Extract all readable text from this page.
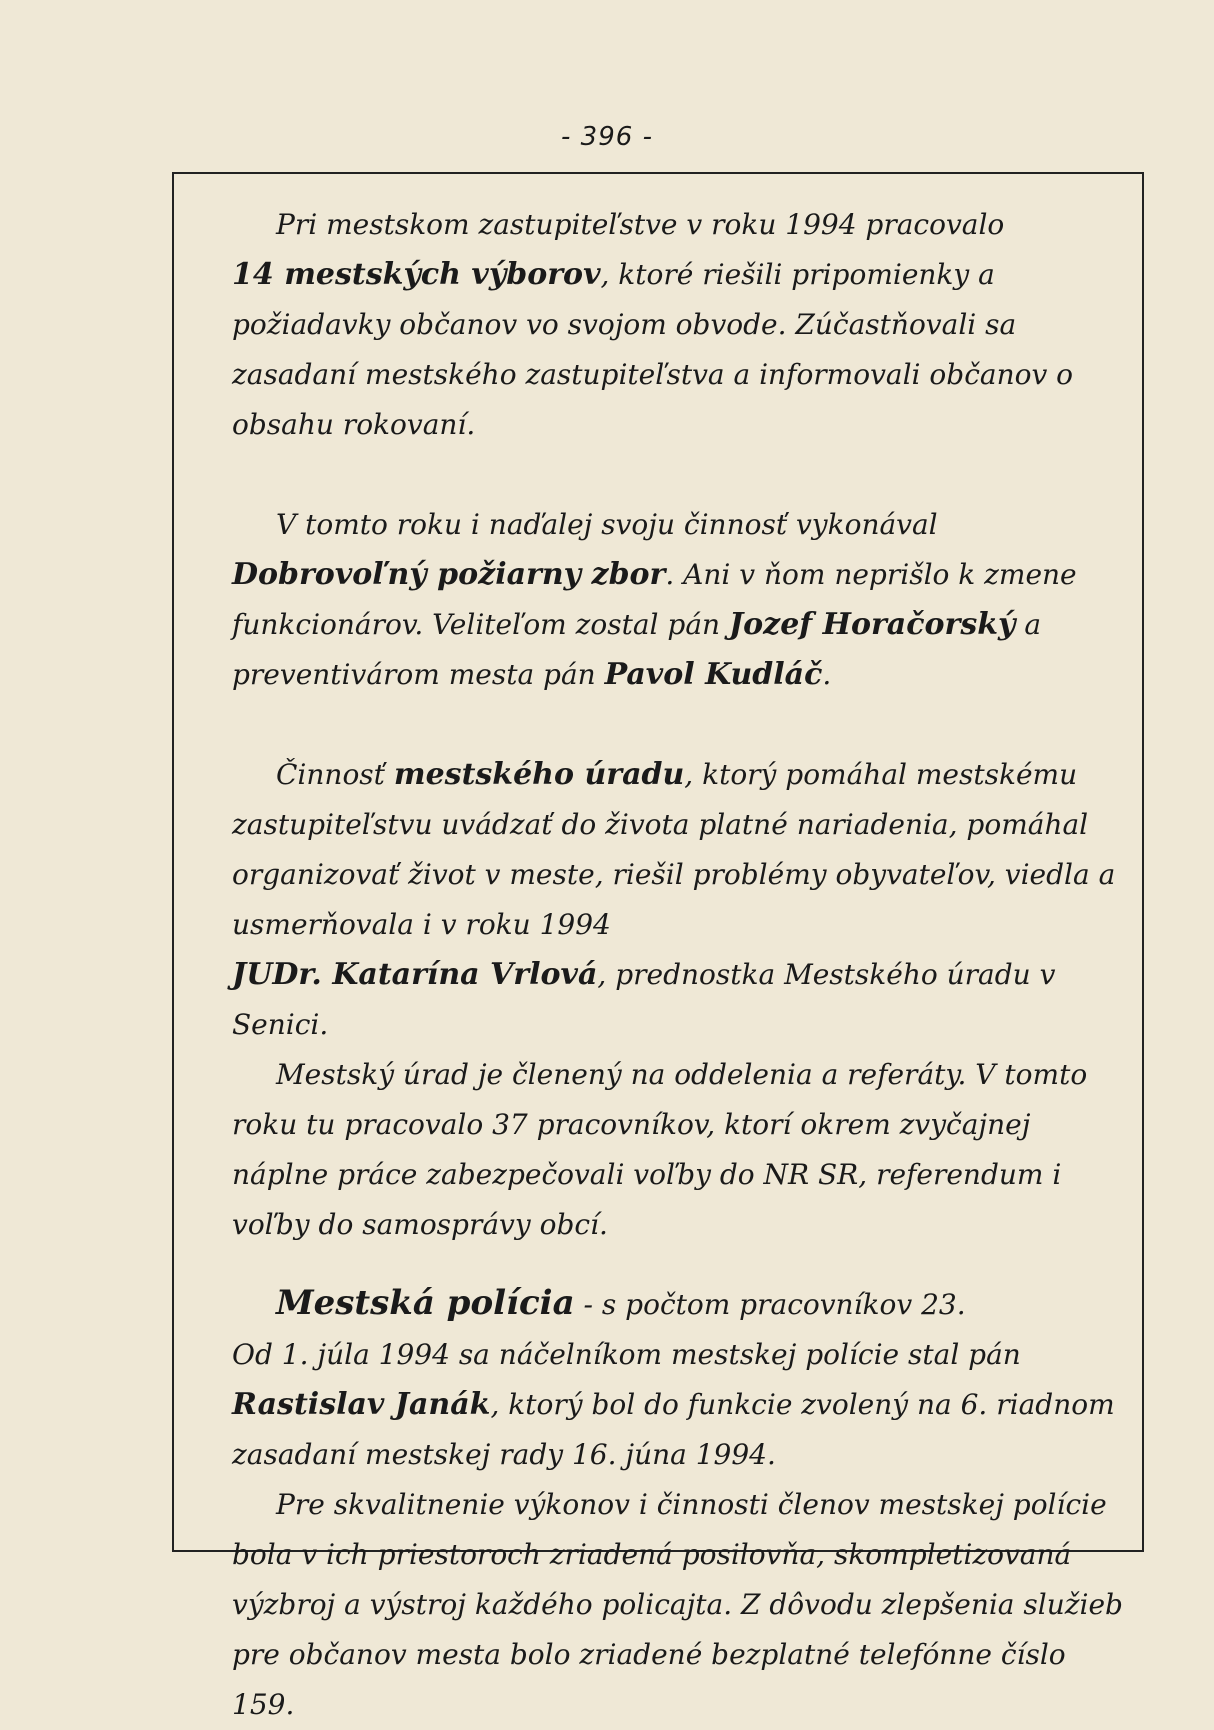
- 396 -

Pri mestskom zastupiteľstve v roku 1994 pracovalo
14 mestských výborov, ktoré riešili pripomienky a požiadavky občanov vo svojom obvode. Zúčastňovali sa zasadaní mestského zastupiteľstva a informovali občanov o obsahu rokovaní.

V tomto roku i naďalej svoju činnosť vykonával
Dobrovoľný požiarny zbor. Ani v ňom neprišlo k zmene funkcionárov. Veliteľom zostal pán Jozef Horačorský a preventivárom mesta pán Pavol Kudláč.

Činnosť mestského úradu, ktorý pomáhal mestskému zastupiteľstvu uvádzať do života platné nariadenia, pomáhal organizovať život v meste, riešil problémy obyvateľov, viedla a usmerňovala i v roku 1994
JUDr. Katarína Vrlová, prednostka Mestského úradu v Senici.

Mestský úrad je členený na oddelenia a referáty. V tomto roku tu pracovalo 37 pracovníkov, ktorí okrem zvyčajnej náplne práce zabezpečovali voľby do NR SR, referendum i voľby do samosprávy obcí.

Mestská polícia - s počtom pracovníkov 23.
Od 1. júla 1994 sa náčelníkom mestskej polície stal pán Rastislav Janák, ktorý bol do funkcie zvolený na 6. riadnom zasadaní mestskej rady 16. júna 1994.

Pre skvalitnenie výkonov i činnosti členov mestskej polície bola v ich priestoroch zriadená posilovňa, skompletizovaná výzbroj a výstroj každého policajta. Z dôvodu zlepšenia služieb pre občanov mesta bolo zriadené bezplatné telefónne číslo 159.
